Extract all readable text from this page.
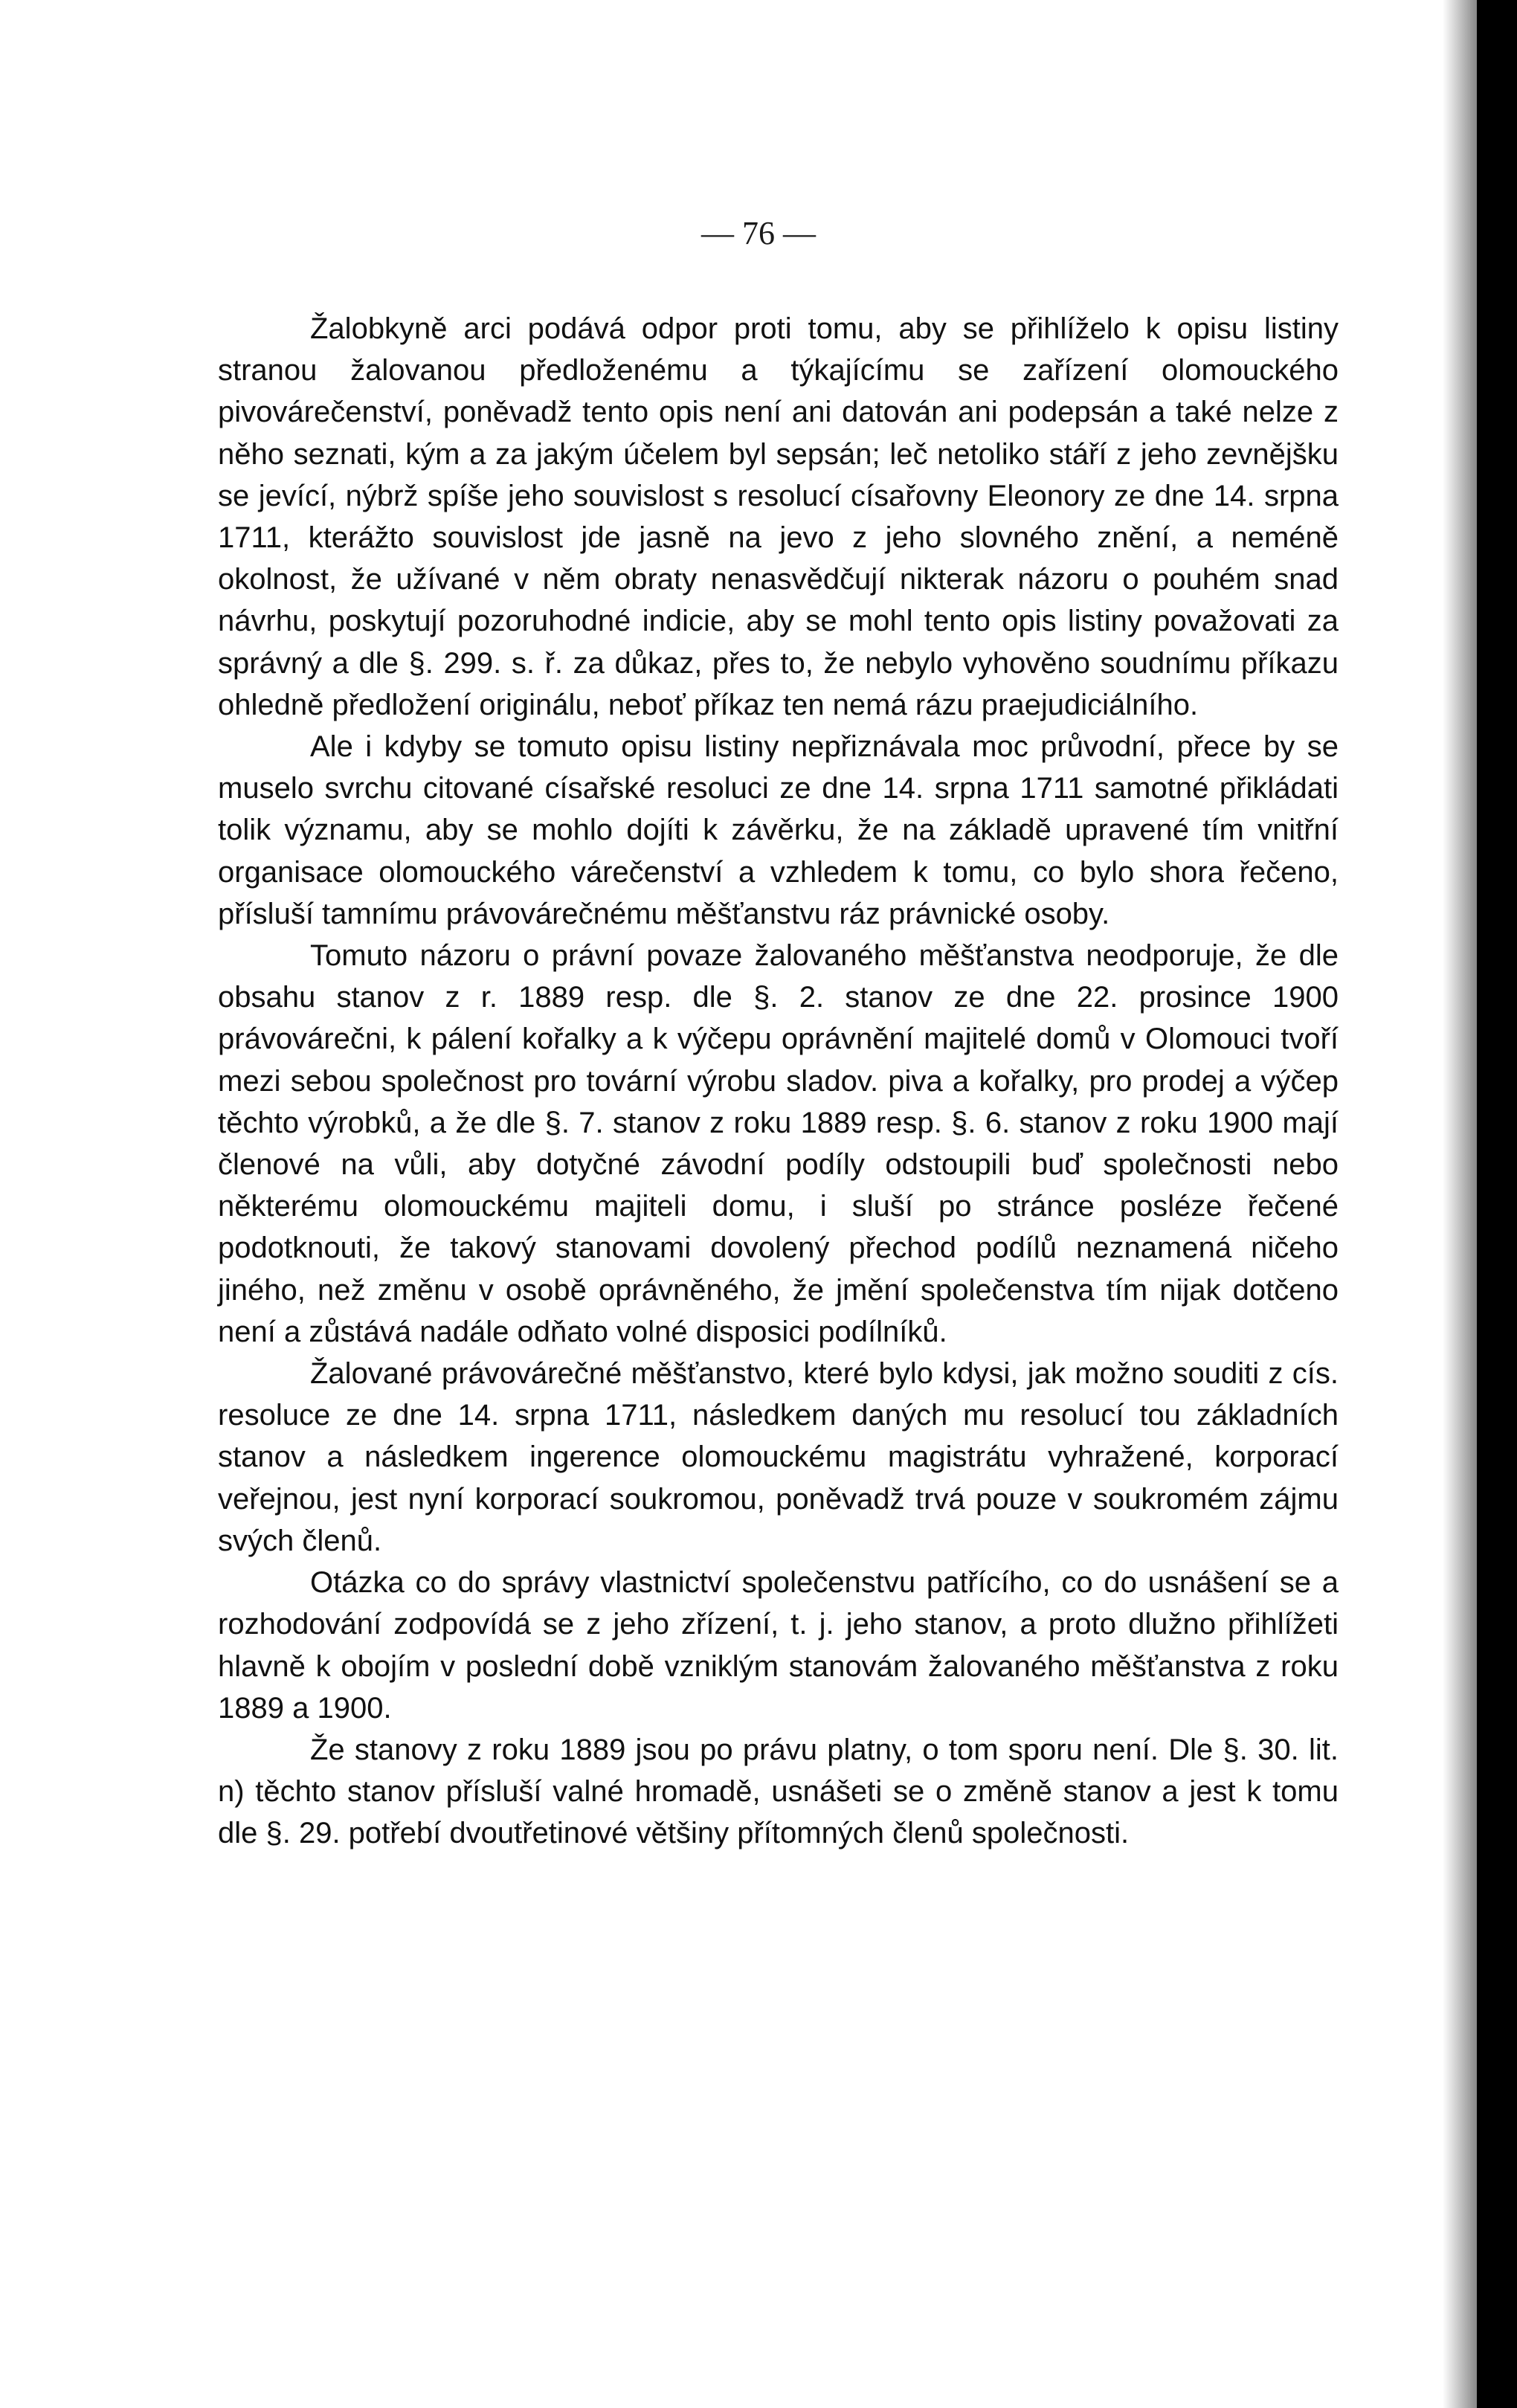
— 76 —

Žalobkyně arci podává odpor proti tomu, aby se přihlíželo k opisu listiny stranou žalovanou předloženému a týkajícímu se zařízení olomouckého pivovárečenství, poněvadž tento opis není ani datován ani podepsán a také nelze z něho seznati, kým a za jakým účelem byl sepsán; leč netoliko stáří z jeho zevnějšku se jevící, nýbrž spíše jeho souvislost s resolucí císařovny Eleonory ze dne 14. srpna 1711, kterážto souvislost jde jasně na jevo z jeho slovného znění, a neméně okolnost, že užívané v něm obraty nenasvědčují nikterak názoru o pouhém snad návrhu, poskytují pozoruhodné indicie, aby se mohl tento opis listiny považovati za správný a dle §. 299. s. ř. za důkaz, přes to, že nebylo vyhověno soudnímu příkazu ohledně předložení originálu, neboť příkaz ten nemá rázu praejudiciálního.

Ale i kdyby se tomuto opisu listiny nepřiznávala moc průvodní, přece by se muselo svrchu citované císařské resoluci ze dne 14. srpna 1711 samotné přikládati tolik významu, aby se mohlo dojíti k závěrku, že na základě upravené tím vnitřní organisace olomouckého várečenství a vzhledem k tomu, co bylo shora řečeno, přísluší tamnímu právovárečnému měšťanstvu ráz právnické osoby.

Tomuto názoru o právní povaze žalovaného měšťanstva neodporuje, že dle obsahu stanov z r. 1889 resp. dle §. 2. stanov ze dne 22. prosince 1900 právovárečni, k pálení kořalky a k výčepu oprávnění majitelé domů v Olomouci tvoří mezi sebou společnost pro tovární výrobu sladov. piva a kořalky, pro prodej a výčep těchto výrobků, a že dle §. 7. stanov z roku 1889 resp. §. 6. stanov z roku 1900 mají členové na vůli, aby dotyčné závodní podíly odstoupili buď společnosti nebo některému olomouckému majiteli domu, i sluší po stránce posléze řečené podotknouti, že takový stanovami dovolený přechod podílů neznamená ničeho jiného, než změnu v osobě oprávněného, že jmění společenstva tím nijak dotčeno není a zůstává nadále odňato volné disposici podílníků.

Žalované právovárečné měšťanstvo, které bylo kdysi, jak možno souditi z cís. resoluce ze dne 14. srpna 1711, následkem daných mu resolucí tou základních stanov a následkem ingerence olomouckému magistrátu vyhražené, korporací veřejnou, jest nyní korporací soukromou, poněvadž trvá pouze v soukromém zájmu svých členů.

Otázka co do správy vlastnictví společenstvu patřícího, co do usnášení se a rozhodování zodpovídá se z jeho zřízení, t. j. jeho stanov, a proto dlužno přihlížeti hlavně k obojím v poslední době vzniklým stanovám žalovaného měšťanstva z roku 1889 a 1900.

Že stanovy z roku 1889 jsou po právu platny, o tom sporu není. Dle §. 30. lit. n) těchto stanov přísluší valné hromadě, usnášeti se o změně stanov a jest k tomu dle §. 29. potřebí dvoutřetinové většiny přítomných členů společnosti.
